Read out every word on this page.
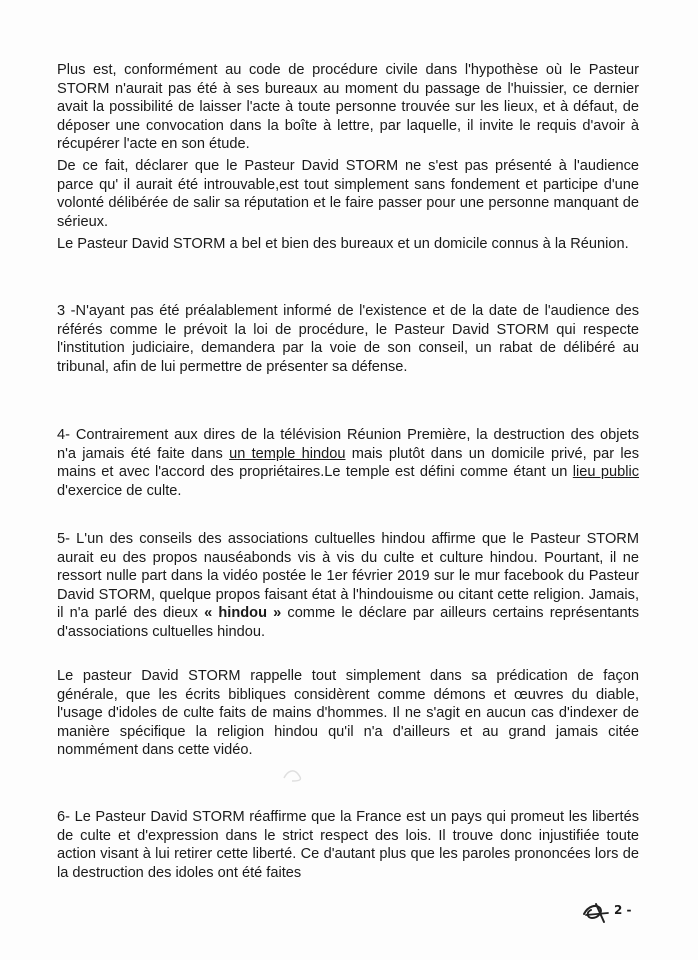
Plus est, conformément au code de procédure civile dans l'hypothèse où le Pasteur STORM n'aurait pas été à ses bureaux au moment du passage de l'huissier, ce dernier avait la possibilité de laisser l'acte à toute personne trouvée sur les lieux, et à défaut, de déposer une convocation dans la boîte à lettre, par laquelle, il invite le requis d'avoir à récupérer l'acte en son étude.

De ce fait, déclarer que le Pasteur David STORM ne s'est pas présenté à l'audience parce qu' il aurait été introuvable,est tout simplement sans fondement et participe d'une volonté délibérée de salir sa réputation et le faire passer pour une personne manquant de sérieux.

Le Pasteur David STORM a bel et bien des bureaux et un domicile connus à la Réunion.

3 -N'ayant pas été préalablement informé de l'existence et de la date de l'audience des référés comme le prévoit la loi de procédure, le Pasteur David STORM qui respecte l'institution judiciaire, demandera par la voie de son conseil, un rabat de délibéré au tribunal, afin de lui permettre de présenter sa défense.

4- Contrairement aux dires de la télévision Réunion Première, la destruction des objets n'a jamais été faite dans un temple hindou mais plutôt dans un domicile privé, par les mains et avec l'accord des propriétaires.Le temple est défini comme étant un lieu public d'exercice de culte.

5- L'un des conseils des associations cultuelles hindou affirme que le Pasteur STORM aurait eu des propos nauséabonds vis à vis du culte et culture hindou. Pourtant, il ne ressort nulle part dans la vidéo postée le 1er février 2019 sur le mur facebook du Pasteur David STORM, quelque propos faisant état à l'hindouisme ou citant cette religion. Jamais, il n'a parlé des dieux « hindou » comme le déclare par ailleurs certains représentants d'associations cultuelles hindou.

Le pasteur David STORM rappelle tout simplement dans sa prédication de façon générale, que les écrits bibliques considèrent comme démons et œuvres du diable, l'usage d'idoles de culte faits de mains d'hommes. Il ne s'agit en aucun cas d'indexer de manière spécifique la religion hindou qu'il n'a d'ailleurs et au grand jamais citée nommément dans cette vidéo.

6- Le Pasteur David STORM réaffirme que la France est un pays qui promeut les libertés de culte et d'expression dans le strict respect des lois. Il trouve donc injustifiée toute action visant à lui retirer cette liberté. Ce d'autant plus que les paroles prononcées lors de la destruction des idoles ont été faites

2 -
